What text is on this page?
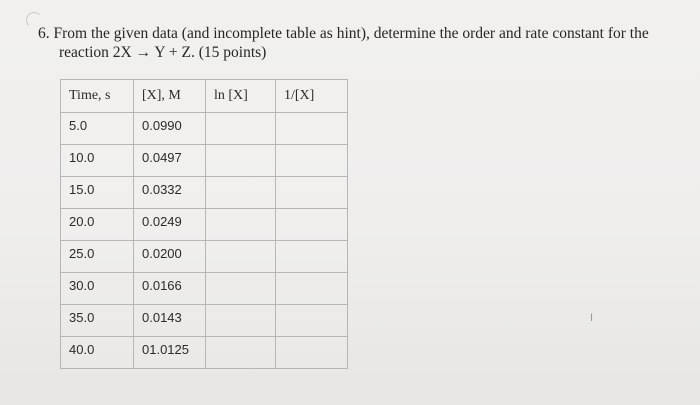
6. From the given data (and incomplete table as hint), determine the order and rate constant for the
reaction 2X → Y + Z. (15 points)
Time, s	[X], M	ln [X]	1/[X]
5.0	0.0990		
10.0	0.0497		
15.0	0.0332		
20.0	0.0249		
25.0	0.0200		
30.0	0.0166		
35.0	0.0143		
40.0	01.0125		
I
